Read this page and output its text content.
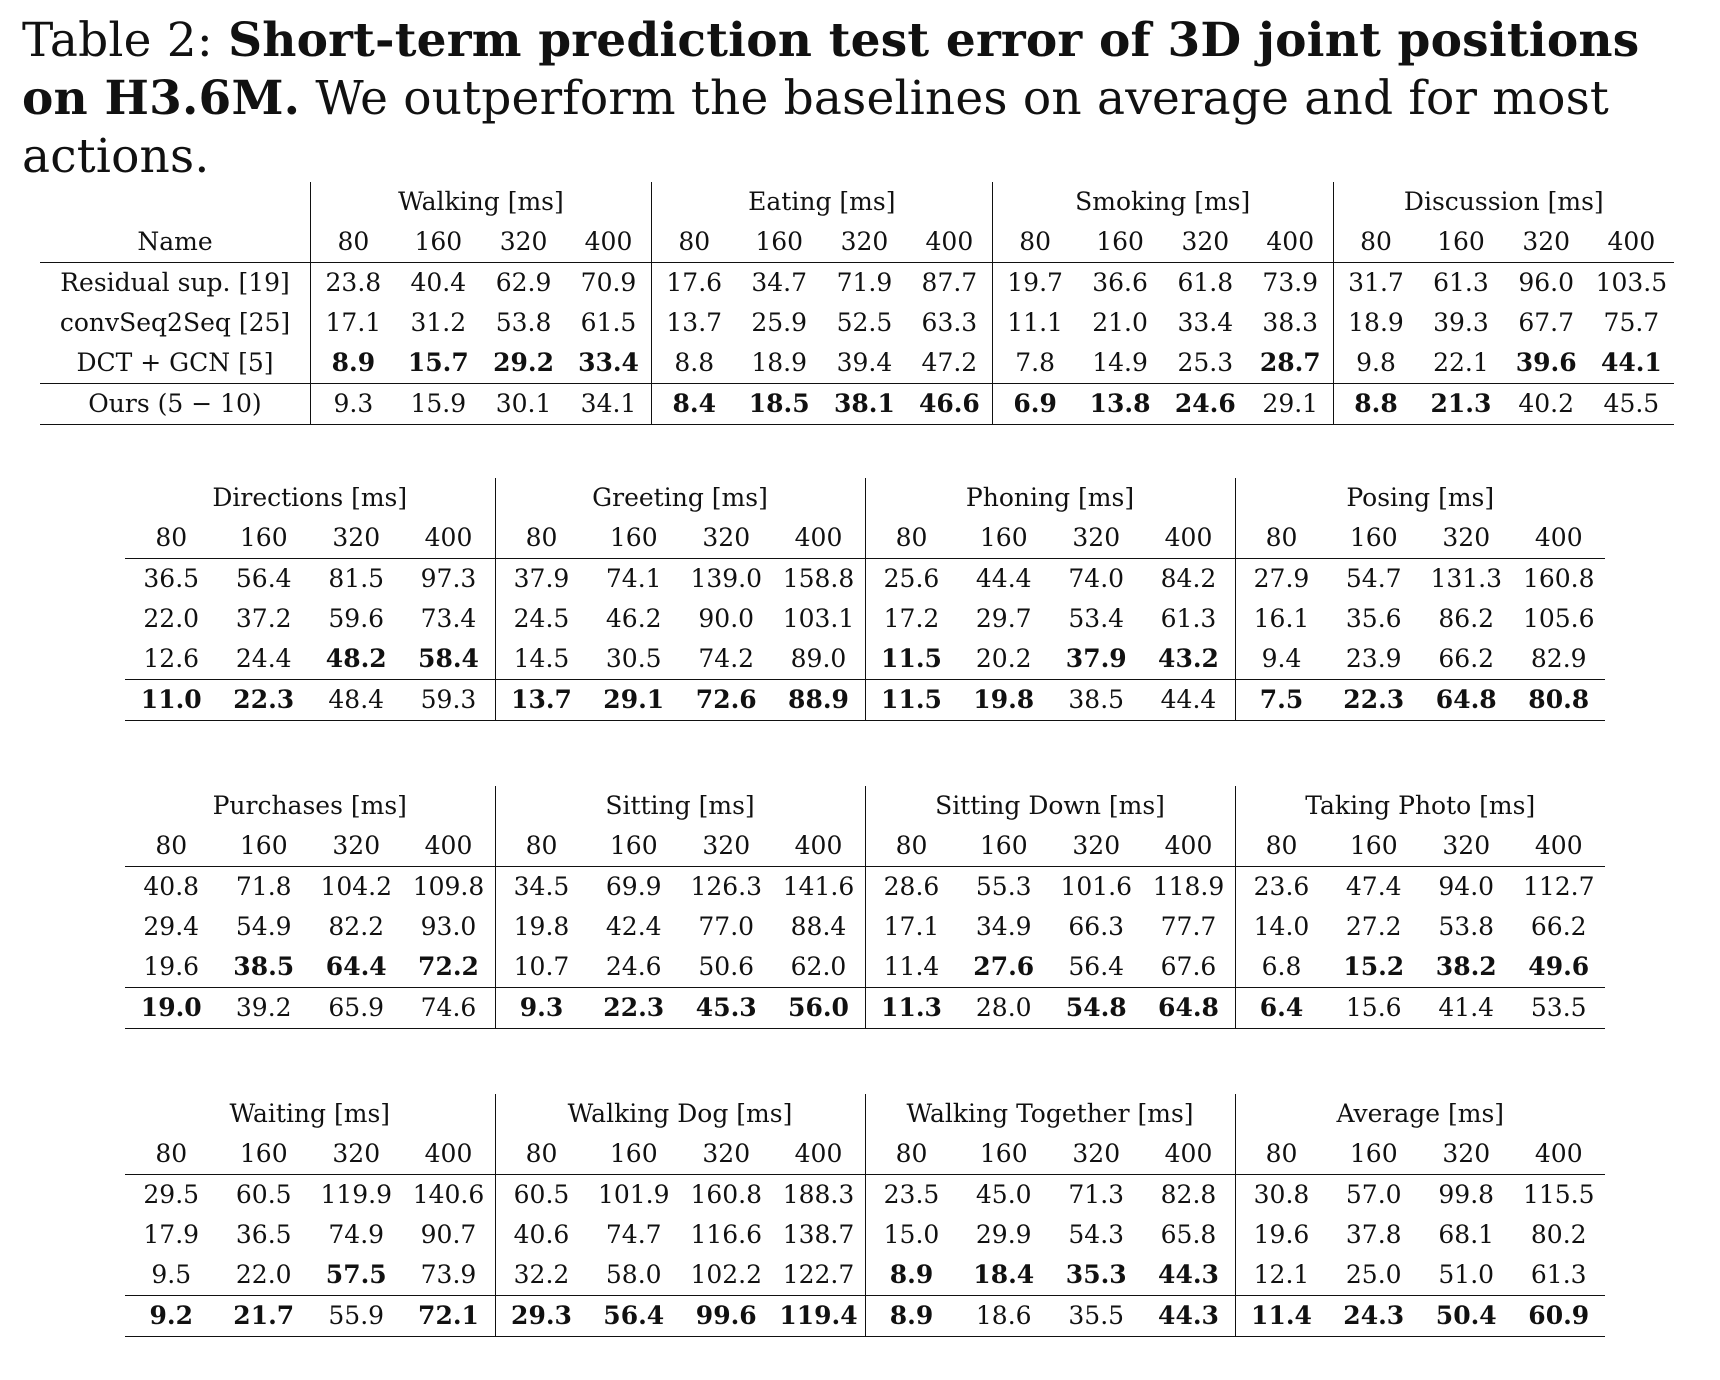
Table 2: Short-term prediction test error of 3D joint positions on H3.6M. We outperform the baselines on average and for most actions.
	Walking [ms]				Eating [ms]				Smoking [ms]				Discussion [ms]			
Name	80	160	320	400	80	160	320	400	80	160	320	400	80	160	320	400
Residual sup. [19]	23.8	40.4	62.9	70.9	17.6	34.7	71.9	87.7	19.7	36.6	61.8	73.9	31.7	61.3	96.0	103.5
convSeq2Seq [25]	17.1	31.2	53.8	61.5	13.7	25.9	52.5	63.3	11.1	21.0	33.4	38.3	18.9	39.3	67.7	75.7
DCT + GCN [5]	8.9	15.7	29.2	33.4	8.8	18.9	39.4	47.2	7.8	14.9	25.3	28.7	9.8	22.1	39.6	44.1
Ours (5 − 10)	9.3	15.9	30.1	34.1	8.4	18.5	38.1	46.6	6.9	13.8	24.6	29.1	8.8	21.3	40.2	45.5
Directions [ms]				Greeting [ms]				Phoning [ms]				Posing [ms]			
80	160	320	400	80	160	320	400	80	160	320	400	80	160	320	400
36.5	56.4	81.5	97.3	37.9	74.1	139.0	158.8	25.6	44.4	74.0	84.2	27.9	54.7	131.3	160.8
22.0	37.2	59.6	73.4	24.5	46.2	90.0	103.1	17.2	29.7	53.4	61.3	16.1	35.6	86.2	105.6
12.6	24.4	48.2	58.4	14.5	30.5	74.2	89.0	11.5	20.2	37.9	43.2	9.4	23.9	66.2	82.9
11.0	22.3	48.4	59.3	13.7	29.1	72.6	88.9	11.5	19.8	38.5	44.4	7.5	22.3	64.8	80.8
Purchases [ms]				Sitting [ms]				Sitting Down [ms]				Taking Photo [ms]			
80	160	320	400	80	160	320	400	80	160	320	400	80	160	320	400
40.8	71.8	104.2	109.8	34.5	69.9	126.3	141.6	28.6	55.3	101.6	118.9	23.6	47.4	94.0	112.7
29.4	54.9	82.2	93.0	19.8	42.4	77.0	88.4	17.1	34.9	66.3	77.7	14.0	27.2	53.8	66.2
19.6	38.5	64.4	72.2	10.7	24.6	50.6	62.0	11.4	27.6	56.4	67.6	6.8	15.2	38.2	49.6
19.0	39.2	65.9	74.6	9.3	22.3	45.3	56.0	11.3	28.0	54.8	64.8	6.4	15.6	41.4	53.5
Waiting [ms]				Walking Dog [ms]				Walking Together [ms]				Average [ms]			
80	160	320	400	80	160	320	400	80	160	320	400	80	160	320	400
29.5	60.5	119.9	140.6	60.5	101.9	160.8	188.3	23.5	45.0	71.3	82.8	30.8	57.0	99.8	115.5
17.9	36.5	74.9	90.7	40.6	74.7	116.6	138.7	15.0	29.9	54.3	65.8	19.6	37.8	68.1	80.2
9.5	22.0	57.5	73.9	32.2	58.0	102.2	122.7	8.9	18.4	35.3	44.3	12.1	25.0	51.0	61.3
9.2	21.7	55.9	72.1	29.3	56.4	99.6	119.4	8.9	18.6	35.5	44.3	11.4	24.3	50.4	60.9
